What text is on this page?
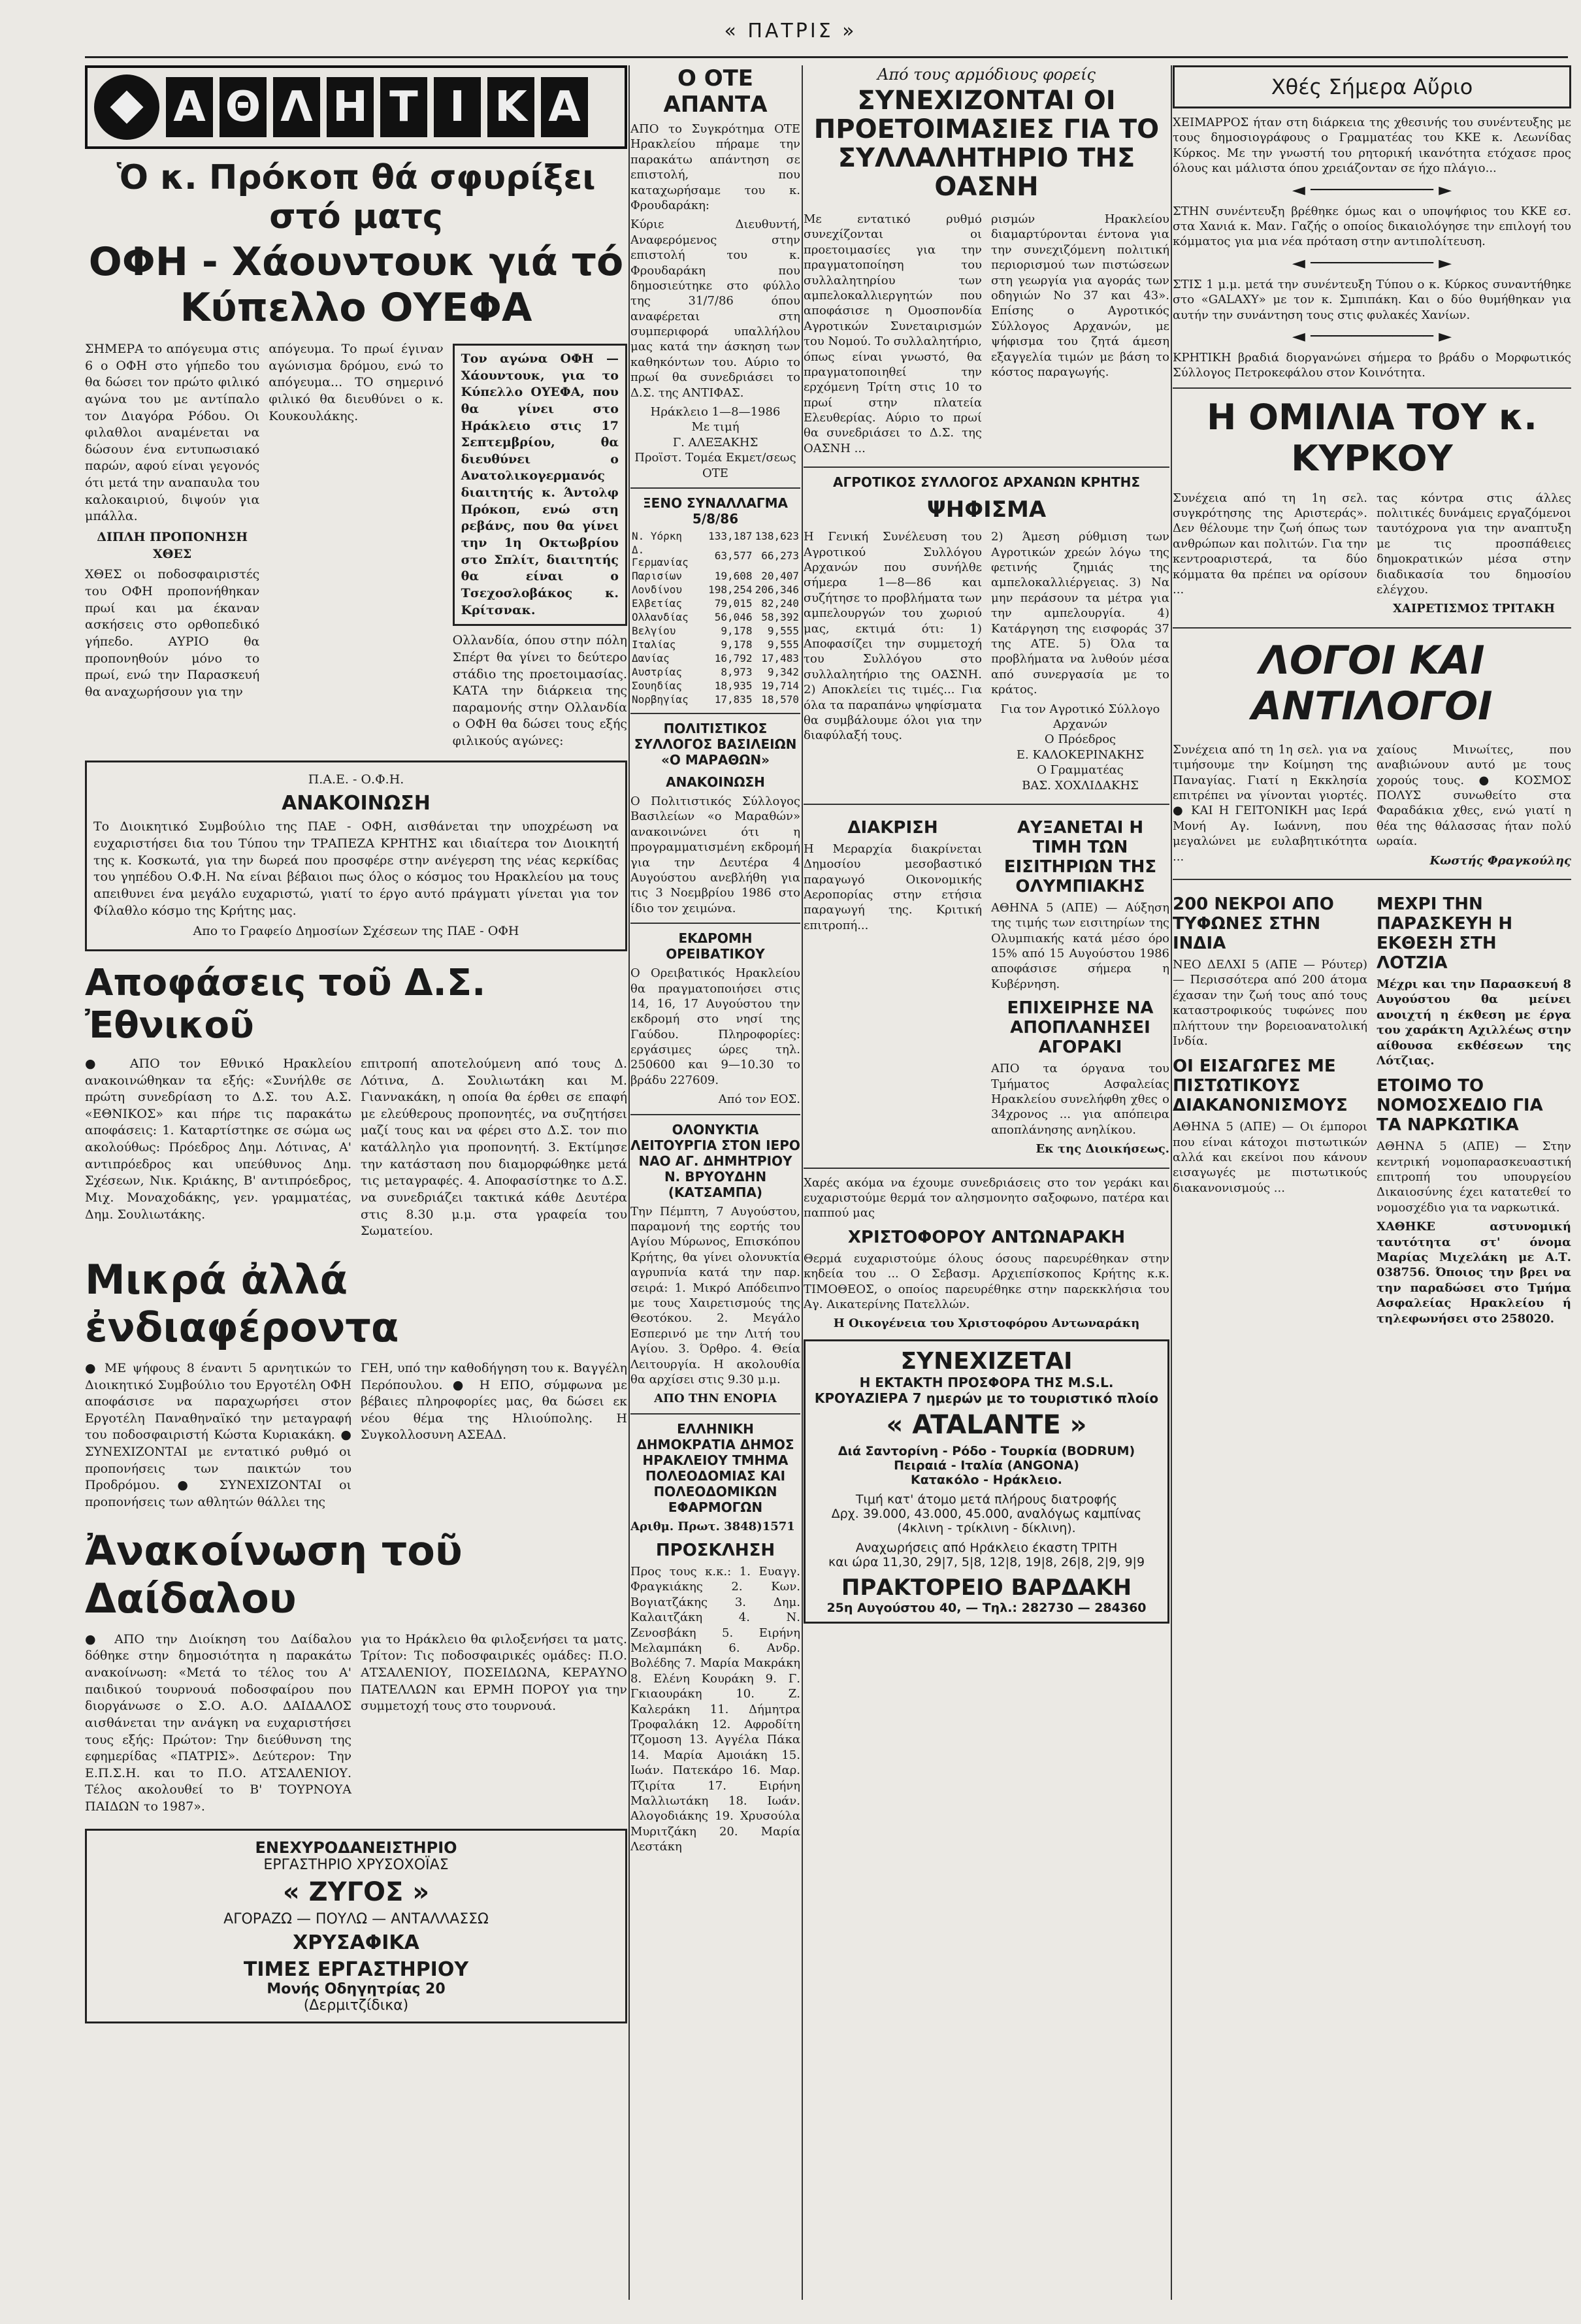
« ΠΑΤΡΙΣ »
Α Θ Λ Η Τ Ι Κ Α
Ὁ κ. Πρόκοπ θά σφυρίξει στό ματς
ΟΦΗ - Χάουντουκ γιά τό Κύπελλο ΟΥΕΦΑ

ΣΗΜΕΡΑ το απόγευμα στις 6 ο ΟΦΗ στο γήπεδο του θα δώσει τον πρώτο φιλικό αγώνα του με αντίπαλο τον Διαγόρα Ρόδου. Οι φιλαθλοι αναμένεται να δώσουν ένα εντυπωσιακό παρών, αφού είναι γεγονός ότι μετά την αναπαυλα του καλοκαιριού, διψούν για μπάλλα.

ΔΙΠΛΗ ΠΡΟΠΟΝΗΣΗ ΧΘΕΣ

ΧΘΕΣ οι ποδοσφαιριστές του ΟΦΗ προπονήθηκαν πρωί και μα έκαναν ασκήσεις στο ορθοπεδικό γήπεδο. ΑΥΡΙΟ θα προπονηθούν μόνο το πρωί, ενώ την Παρασκευή θα αναχωρήσουν για την

απόγευμα. Το πρωί έγιναν αγώνισμα δρόμου, ενώ το απόγευμα... ΤΟ σημερινό φιλικό θα διευθύνει ο κ. Κουκουλάκης.

Τον αγώνα ΟΦΗ — Χάουντουκ, για το Κύπελλο ΟΥΕΦΑ, που θα γίνει στο Ηράκλειο στις 17 Σεπτεμβρίου, θα διευθύνει ο Ανατολικογερμανός διαιτητής κ. Άντολφ Πρόκοπ, ενώ στη ρεβάνς, που θα γίνει την 1η Οκτωβρίου στο Σπλίτ, διαιτητής θα είναι ο Τσεχοσλοβάκος κ. Κρίτσνακ.

Ολλανδία, όπου στην πόλη Σπέρτ θα γίνει το δεύτερο στάδιο της προετοιμασίας. ΚΑΤΑ την διάρκεια της παραμονής στην Ολλανδία ο ΟΦΗ θα δώσει τους εξής φιλικούς αγώνες:

Π.Α.Ε. - Ο.Φ.Η.
ΑΝΑΚΟΙΝΩΣΗ

Το Διοικητικό Συμβούλιο της ΠΑΕ - ΟΦΗ, αισθάνεται την υποχρέωση να ευχαριστήσει δια του Τύπου την ΤΡΑΠΕΖΑ ΚΡΗΤΗΣ και ιδιαίτερα τον Διοικητή της κ. Κοσκωτά, για την δωρεά που προσφέρε στην ανέγερση της νέας κερκίδας του γηπέδου Ο.Φ.Η. Να είναι βέβαιοι πως όλος ο κόσμος του Ηρακλείου μα τους απειθυνει ένα μεγάλο ευχαριστώ, γιατί το έργο αυτό πράγματι γίνεται για τον Φίλαθλο κόσμο της Κρήτης μας.

Απο το Γραφείο Δημοσίων Σχέσεων της ΠΑΕ - ΟΦΗ

Αποφάσεις τοῦ Δ.Σ. Ἐθνικοῦ

● ΑΠΟ τον Εθνικό Ηρακλείου ανακοινώθηκαν τα εξής: «Συνήλθε σε πρώτη συνεδρίαση το Δ.Σ. του Α.Σ. «ΕΘΝΙΚΟΣ» και πήρε τις παρακάτω αποφάσεις: 1. Καταρτίστηκε σε σώμα ως ακολούθως: Πρόεδρος Δημ. Λότινας, Α' αντιπρόεδρος και υπεύθυνος Δημ. Σχέσεων, Νικ. Κριάκης, Β' αντιπρόεδρος, Μιχ. Μοναχοδάκης, γεν. γραμματέας, Δημ. Σουλιωτάκης.

επιτροπή αποτελούμενη από τους Δ. Λότινα, Δ. Σουλιωτάκη και Μ. Γιαννακάκη, η οποία θα έρθει σε επαφή με ελεύθερους προπονητές, να συζητήσει μαζί τους και να φέρει στο Δ.Σ. τον πιο κατάλληλο για προπονητή. 3. Εκτίμησε την κατάσταση που διαμορφώθηκε μετά τις μεταγραφές. 4. Αποφασίστηκε το Δ.Σ. να συνεδριάζει τακτικά κάθε Δευτέρα στις 8.30 μ.μ. στα γραφεία του Σωματείου.

Μικρά ἀλλά ἐνδιαφέροντα

● ΜΕ ψήφους 8 έναντι 5 αρνητικών το Διοικητικό Συμβούλιο του Εργοτέλη ΟΦΗ αποφάσισε να παραχωρήσει στον Εργοτέλη Παναθηναϊκό την μεταγραφή του ποδοσφαιριστή Κώστα Κυριακάκη. ● ΣΥΝΕΧΙΖΟΝΤΑΙ με εντατικό ρυθμό οι προπονήσεις των παικτών του Προδρόμου. ● ΣΥΝΕΧΙΖΟΝΤΑΙ οι προπονήσεις των αθλητών θάλλει της

ΓΕΗ, υπό την καθοδήγηση του κ. Βαγγέλη Περόπουλου. ● Η ΕΠΟ, σύμφωνα με βέβαιες πληροφορίες μας, θα δώσει εκ νέου θέμα της Ηλιούπολης. Η Συγκολλοσυνη ΑΣΕΑΔ.

Ἀνακοίνωση τοῦ Δαίδαλου

● ΑΠΟ την Διοίκηση του Δαίδαλου δόθηκε στην δημοσιότητα η παρακάτω ανακοίνωση: «Μετά το τέλος του Α' παιδικού τουρνουά ποδοσφαίρου που διοργάνωσε ο Σ.Ο. Α.Ο. ΔΑΙΔΑΛΟΣ αισθάνεται την ανάγκη να ευχαριστήσει τους εξής: Πρώτον: Την διεύθυνση της εφημερίδας «ΠΑΤΡΙΣ». Δεύτερον: Την Ε.Π.Σ.Η. και το Π.Ο. ΑΤΣΑΛΕΝΙΟΥ. Τέλος ακολουθεί το Β' ΤΟΥΡΝΟΥΑ ΠΑΙΔΩΝ το 1987».

για το Ηράκλειο θα φιλοξενήσει τα ματς. Τρίτον: Τις ποδοσφαιρικές ομάδες: Π.Ο. ΑΤΣΑΛΕΝΙΟΥ, ΠΟΣΕΙΔΩΝΑ, ΚΕΡΑΥΝΟ ΠΑΤΕΛΛΩΝ και ΕΡΜΗ ΠΟΡΟΥ για την συμμετοχή τους στο τουρνουά.

ΕΝΕΧΥΡΟΔΑΝΕΙΣΤΗΡΙΟ
ΕΡΓΑΣΤΗΡΙΟ ΧΡΥΣΟΧΟΪΑΣ
« ΖΥΓΟΣ »
ΑΓΟΡΑΖΩ — ΠΟΥΛΩ — ΑΝΤΑΛΛΑΣΣΩ
ΧΡΥΣΑΦΙΚΑ
ΤΙΜΕΣ ΕΡΓΑΣΤΗΡΙΟΥ
Μονής Οδηγητρίας 20
(Δερμιτζίδικα)
Ο ΟΤΕ ΑΠΑΝΤΑ

ΑΠΟ το Συγκρότημα ΟΤΕ Ηρακλείου πήραμε την παρακάτω απάντηση σε επιστολή, που καταχωρήσαμε του κ. Φρουδαράκη:

Κύριε Διευθυντή, Αναφερόμενος στην επιστολή του κ. Φρουδαράκη που δημοσιεύτηκε στο φύλλο της 31/7/86 όπου αναφέρεται στη συμπεριφορά υπαλλήλου μας κατά την άσκηση των καθηκόντων του. Αύριο το πρωί θα συνεδριάσει το Δ.Σ. της ΑΝΤΙΦΑΣ.

Ηράκλειο 1—8—1986
Με τιμή
Γ. ΑΛΕΞΑΚΗΣ
Προϊστ. Τομέα Εκμετ/σεως
ΟΤΕ

ΞΕΝΟ ΣΥΝΑΛΛΑΓΜΑ 5/8/86
Ν. Υόρκη	133,187	138,623
Δ. Γερμανίας	63,577	66,273
Παρισίων	19,608	20,407
Λονδίνου	198,254	206,346
Ελβετίας	79,015	82,240
Ολλανδίας	56,046	58,392
Βελγίου	9,178	9,555
Ιταλίας	9,178	9,555
Δανίας	16,792	17,483
Αυστρίας	8,973	9,342
Σουηδίας	18,935	19,714
Νορβηγίας	17,835	18,570
ΠΟΛΙΤΙΣΤΙΚΟΣ ΣΥΛΛΟΓΟΣ ΒΑΣΙΛΕΙΩΝ «Ο ΜΑΡΑΘΩΝ»
ΑΝΑΚΟΙΝΩΣΗ

Ο Πολιτιστικός Σύλλογος Βασιλείων «ο Μαραθών» ανακοινώνει ότι η προγραμματισμένη εκδρομή για την Δευτέρα 4 Αυγούστου ανεβλήθη για τις 3 Νοεμβρίου 1986 στο ίδιο τον χειμώνα.

ΕΚΔΡΟΜΗ ΟΡΕΙΒΑΤΙΚΟΥ

Ο Ορειβατικός Ηρακλείου θα πραγματοποιήσει στις 14, 16, 17 Αυγούστου την εκδρομή στο νησί της Γαύδου. Πληροφορίες: εργάσιμες ώρες τηλ. 250600 και 9—10.30 το βράδυ 227609.

Από τον ΕΟΣ.

ΟΛΟΝΥΚΤΙΑ ΛΕΙΤΟΥΡΓΙΑ ΣΤΟΝ ΙΕΡΟ ΝΑΟ ΑΓ. ΔΗΜΗΤΡΙΟΥ Ν. ΒΡΥΟΥΔΗΝ (ΚΑΤΣΑΜΠΑ)

Την Πέμπτη, 7 Αυγούστου, παραμονή της εορτής του Αγίου Μύρωνος, Επισκόπου Κρήτης, θα γίνει ολονυκτία αγρυπνία κατά την παρ. σειρά: 1. Μικρό Απόδειπνο με τους Χαιρετισμούς της Θεοτόκου. 2. Μεγάλο Εσπερινό με την Λιτή του Αγίου. 3. Όρθρο. 4. Θεία Λειτουργία. Η ακολουθία θα αρχίσει στις 9.30 μ.μ.

ΑΠΟ ΤΗΝ ΕΝΟΡΙΑ

ΕΛΛΗΝΙΚΗ ΔΗΜΟΚΡΑΤΙΑ ΔΗΜΟΣ ΗΡΑΚΛΕΙΟΥ ΤΜΗΜΑ ΠΟΛΕΟΔΟΜΙΑΣ ΚΑΙ ΠΟΛΕΟΔΟΜΙΚΩΝ ΕΦΑΡΜΟΓΩΝ

Αριθμ. Πρωτ. 3848)1571

ΠΡΟΣΚΛΗΣΗ

Προς τους κ.κ.: 1. Ευαγγ. Φραγκιάκης 2. Κων. Βογιατζάκης 3. Δημ. Καλαιτζάκη 4. Ν. Ζενοσβάκη 5. Ειρήνη Μελαμπάκη 6. Ανδρ. Βολέδης 7. Μαρία Μακράκη 8. Ελένη Κουράκη 9. Γ. Γκιαουράκη 10. Ζ. Καλεράκη 11. Δήμητρα Τροφαλάκη 12. Αφροδίτη Τζομοση 13. Αγγέλα Πάκα 14. Μαρία Αμοιάκη 15. Ιωάν. Πατεκάρο 16. Μαρ. Τζιρίτα 17. Ειρήνη Μαλλιωτάκη 18. Ιωάν. Αλογοδιάκης 19. Χρυσούλα Μυριτζάκη 20. Μαρία Λεστάκη

Από τους αρμόδιους φορείς

ΣΥΝΕΧΙΖΟΝΤΑΙ ΟΙ ΠΡΟΕΤΟΙΜΑΣΙΕΣ ΓΙΑ ΤΟ ΣΥΛΛΑΛΗΤΗΡΙΟ ΤΗΣ ΟΑΣΝΗ

Με εντατικό ρυθμό συνεχίζονται οι προετοιμασίες για την πραγματοποίηση του συλλαλητηρίου των αμπελοκαλλιεργητών που αποφάσισε η Ομοσπονδία Αγροτικών Συνεταιρισμών του Νομού. Το συλλαλητήριο, όπως είναι γνωστό, θα πραγματοποιηθεί την ερχόμενη Τρίτη στις 10 το πρωί στην πλατεία Ελευθερίας. Αύριο το πρωί θα συνεδριάσει το Δ.Σ. της ΟΑΣΝΗ ...

ρισμών Ηρακλείου διαμαρτύρονται έντονα για την συνεχιζόμενη πολιτική περιορισμού των πιστώσεων στη γεωργία για αγοράς των οδηγιών Νο 37 και 43». Επίσης ο Αγροτικός Σύλλογος Αρχανών, με ψήφισμα του ζητά άμεση εξαγγελία τιμών με βάση το κόστος παραγωγής.

ΑΓΡΟΤΙΚΟΣ ΣΥΛΛΟΓΟΣ ΑΡΧΑΝΩΝ ΚΡΗΤΗΣ
ΨΗΦΙΣΜΑ

Η Γενική Συνέλευση του Αγροτικού Συλλόγου Αρχανών που συνήλθε σήμερα 1—8—86 και συζήτησε το προβλήματα των αμπελουργών του χωριού μας, εκτιμά ότι: 1) Αποφασίζει την συμμετοχή του Συλλόγου στο συλλαλητήριο της ΟΑΣΝΗ. 2) Αποκλείει τις τιμές... Για όλα τα παραπάνω ψηφίσματα θα συμβάλουμε όλοι για την διαφύλαξή τους.

2) Άμεση ρύθμιση των Αγροτικών χρεών λόγω της φετινής ζημιάς της αμπελοκαλλιέργειας. 3) Να μην περάσουν τα μέτρα για την αμπελουργία. 4) Κατάργηση της εισφοράς 37 της ΑΤΕ. 5) Όλα τα προβλήματα να λυθούν μέσα από συνεργασία με το κράτος.

Για τον Αγροτικό Σύλλογο Αρχανών
Ο Πρόεδρος
Ε. ΚΑΛΟΚΕΡΙΝΑΚΗΣ
Ο Γραμματέας
ΒΑΣ. ΧΟΧΛΙΔΑΚΗΣ

ΔΙΑΚΡΙΣΗ

Η Μεραρχία διακρίνεται Δημοσίου μεσοβαστικό παραγωγό Οικονομικής Αεροπορίας στην ετήσια παραγωγή της. Κριτική επιτροπή...

ΑΥΞΑΝΕΤΑΙ Η ΤΙΜΗ ΤΩΝ ΕΙΣΙΤΗΡΙΩΝ ΤΗΣ ΟΛΥΜΠΙΑΚΗΣ

ΑΘΗΝΑ 5 (ΑΠΕ) — Αύξηση της τιμής των εισιτηρίων της Ολυμπιακής κατά μέσο όρο 15% από 15 Αυγούστου 1986 αποφάσισε σήμερα η Κυβέρνηση.

ΕΠΙΧΕΙΡΗΣΕ ΝΑ ΑΠΟΠΛΑΝΗΣΕΙ ΑΓΟΡΑΚΙ

ΑΠΟ τα όργανα του Τμήματος Ασφαλείας Ηρακλείου συνελήφθη χθες ο 34χρονος ... για απόπειρα αποπλάνησης ανηλίκου.

Εκ της Διοικήσεως.

Χαρές ακόμα να έχουμε συνεδριάσεις στο τον γεράκι και ευχαριστούμε θερμά τον αλησμονητο σαξοφωνο, πατέρα και παππού μας

ΧΡΙΣΤΟΦΟΡΟΥ ΑΝΤΩΝΑΡΑΚΗ

Θερμά ευχαριστούμε όλους όσους παρευρέθηκαν στην κηδεία του ... Ο Σεβασμ. Αρχιεπίσκοπος Κρήτης κ.κ. ΤΙΜΟΘΕΟΣ, ο οποίος παρευρέθηκε στην παρεκκλήσια του Αγ. Αικατερίνης Πατελλών.

Η Οικογένεια του Χριστοφόρου Αντωναράκη

ΣΥΝΕΧΙΖΕΤΑΙ
Η ΕΚΤΑΚΤΗ ΠΡΟΣΦΟΡΑ ΤΗΣ M.S.L.
ΚΡΟΥΑΖΙΕΡΑ 7 ημερών με το τουριστικό πλοίο
« ATALANTE »
Διά Σαντορίνη - Ρόδο - Τουρκία (BODRUM)
Πειραιά - Ιταλία (ANGONA)
Κατακόλο - Ηράκλειο.
Τιμή κατ' άτομο μετά πλήρους διατροφής
Δρχ. 39.000, 43.000, 45.000, αναλόγως καμπίνας (4κλινη - τρίκλινη - δίκλινη).
Αναχωρήσεις από Ηράκλειο έκαστη ΤΡΙΤΗ
και ώρα 11,30, 29|7, 5|8, 12|8, 19|8, 26|8, 2|9, 9|9
ΠΡΑΚΤΟΡΕΙΟ ΒΑΡΔΑΚΗ
25η Αυγούστου 40, — Τηλ.: 282730 — 284360
Χθές Σήμερα Αὔριο

ΧΕΙΜΑΡΡΟΣ ήταν στη διάρκεια της χθεσινής του συνέντευξης με τους δημοσιογράφους ο Γραμματέας του ΚΚΕ κ. Λεωνίδας Κύρκος. Με την γνωστή του ρητορική ικανότητα ετόχασε προς όλους και μάλιστα όπου χρειάζονταν σε ήχο πλάγιο...

◄ ──────────── ►

ΣΤΗΝ συνέντευξη βρέθηκε όμως και ο υποψήφιος του ΚΚΕ εσ. στα Χανιά κ. Μαν. Γαζής ο οποίος δικαιολόγησε την επιλογή του κόμματος για μια νέα πρόταση στην αντιπολίτευση.

◄ ──────────── ►

ΣΤΙΣ 1 μ.μ. μετά την συνέντευξη Τύπου ο κ. Κύρκος συναντήθηκε στο «GALAXY» με τον κ. Σμπιπάκη. Και ο δύο θυμήθηκαν για αυτήν την συνάντηση τους στις φυλακές Χανίων.

◄ ──────────── ►

ΚΡΗΤΙΚΗ βραδιά διοργανώνει σήμερα το βράδυ ο Μορφωτικός Σύλλογος Πετροκεφάλου στον Κοινότητα.

Η ΟΜΙΛΙΑ ΤΟΥ κ. ΚΥΡΚΟΥ

Συνέχεια από τη 1η σελ. συγκρότησης της Αριστεράς». Δεν θέλουμε την ζωή όπως των ανθρώπων και πολιτών. Για την κεντροαριστερά, τα δύο κόμματα θα πρέπει να ορίσουν ...

τας κόντρα στις άλλες πολιτικές δυνάμεις εργαζόμενοι ταυτόχρονα για την αναπτυξη με τις προσπάθειες δημοκρατικών μέσα στην διαδικασία του δημοσίου ελέγχου.

ΧΑΙΡΕΤΙΣΜΟΣ ΤΡΙΤΑΚΗ

ΛΟΓΟΙ ΚΑΙ ΑΝΤΙΛΟΓΟΙ

Συνέχεια από τη 1η σελ. για να τιμήσουμε την Κοίμηση της Παναγίας. Γιατί η Εκκλησία επιτρέπει να γίνονται γιορτές. ● ΚΑΙ Η ΓΕΙΤΟΝΙΚΗ μας Ιερά Μονή Αγ. Ιωάννη, που μεγαλώνει με ευλαβητικότητα ...

χαίους Μινωίτες, που αναβιώνουν αυτό με τους χορούς τους. ● ΚΟΣΜΟΣ ΠΟΛΥΣ συνωθείτο στα Φαραδάκια χθες, ενώ γιατί η θέα της θάλασσας ήταν πολύ ωραία.

Κωστής Φραγκούλης

200 ΝΕΚΡΟΙ ΑΠΟ ΤΥΦΩΝΕΣ ΣΤΗΝ ΙΝΔΙΑ

ΝΕΟ ΔΕΛΧΙ 5 (ΑΠΕ — Ρόυτερ) — Περισσότερα από 200 άτομα έχασαν την ζωή τους από τους καταστροφικούς τυφώνες που πλήττουν την βορειοανατολική Ινδία.

ΟΙ ΕΙΣΑΓΩΓΕΣ ΜΕ ΠΙΣΤΩΤΙΚΟΥΣ ΔΙΑΚΑΝΟΝΙΣΜΟΥΣ

ΑΘΗΝΑ 5 (ΑΠΕ) — Οι έμποροι που είναι κάτοχοι πιστωτικών αλλά και εκείνοι που κάνουν εισαγωγές με πιστωτικούς διακανονισμούς ...

ΜΕΧΡΙ ΤΗΝ ΠΑΡΑΣΚΕΥΗ Η ΕΚΘΕΣΗ ΣΤΗ ΛΟΤΖΙΑ

Μέχρι και την Παρασκευή 8 Αυγούστου θα μείνει ανοιχτή η έκθεση με έργα του χαράκτη Αχιλλέως στην αίθουσα εκθέσεων της Λότζιας.

ΕΤΟΙΜΟ ΤΟ ΝΟΜΟΣΧΕΔΙΟ ΓΙΑ ΤΑ ΝΑΡΚΩΤΙΚΑ

ΑΘΗΝΑ 5 (ΑΠΕ) — Στην κεντρική νομοπαρασκευαστική επιτροπή του υπουργείου Δικαιοσύνης έχει κατατεθεί το νομοσχέδιο για τα ναρκωτικά.

ΧΑΘΗΚΕ αστυνομική ταυτότητα στ' όνομα Μαρίας Μιχελάκη με Α.Τ. 038756. Όποιος την βρει να την παραδώσει στο Τμήμα Ασφαλείας Ηρακλείου ή τηλεφωνήσει στο 258020.
